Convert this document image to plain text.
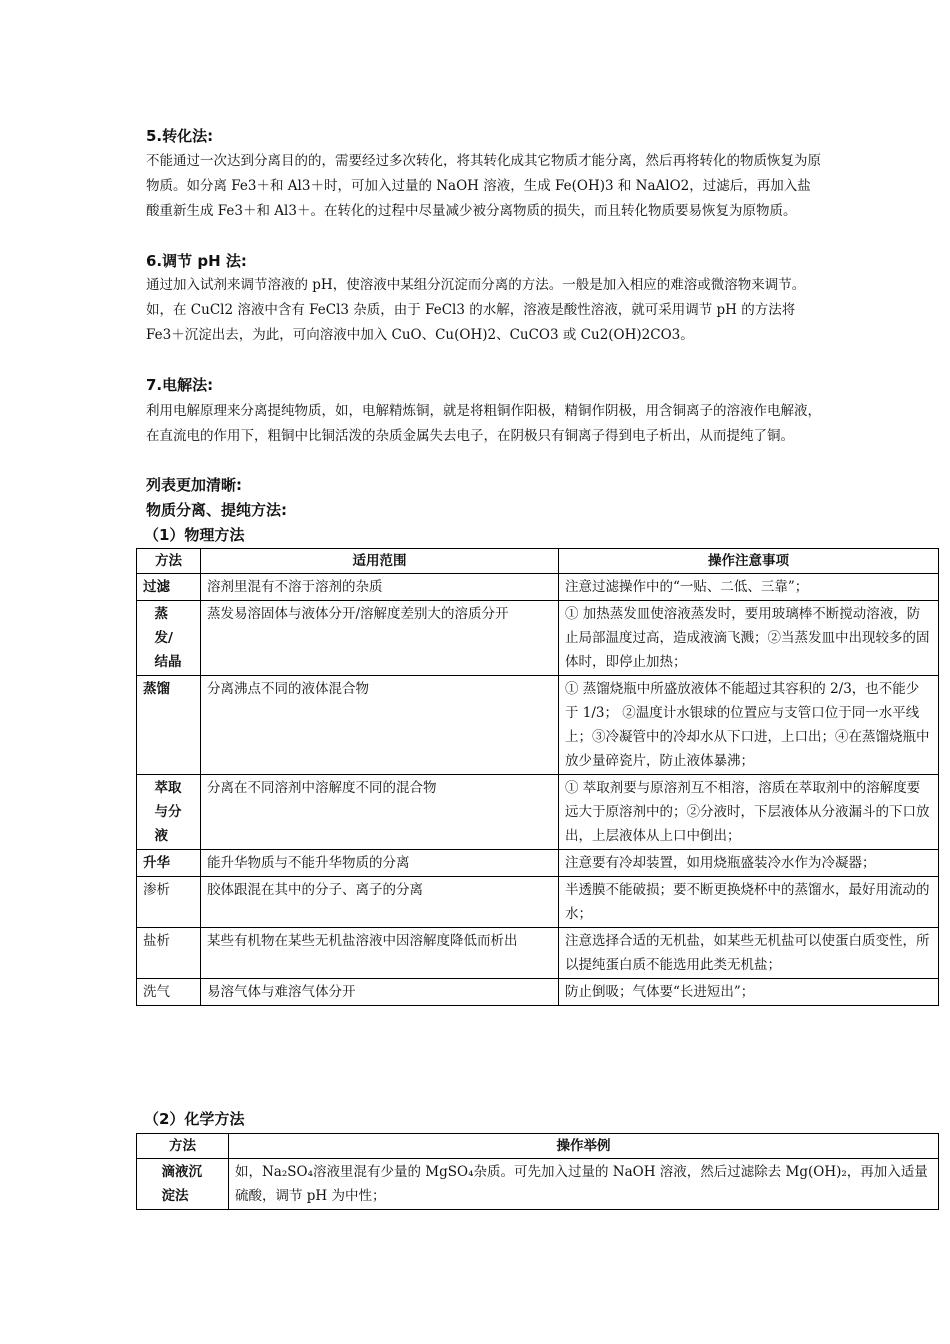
5.转化法:

不能通过一次达到分离目的的，需要经过多次转化，将其转化成其它物质才能分离，然后再将转化的物质恢复为原物质。如分离 Fe3＋和 Al3＋时，可加入过量的 NaOH 溶液，生成 Fe(OH)3 和 NaAlO2，过滤后，再加入盐酸重新生成 Fe3＋和 Al3＋。在转化的过程中尽量减少被分离物质的损失，而且转化物质要易恢复为原物质。

6.调节 pH 法:

通过加入试剂来调节溶液的 pH，使溶液中某组分沉淀而分离的方法。一般是加入相应的难溶或微溶物来调节。如，在 CuCl2 溶液中含有 FeCl3 杂质，由于 FeCl3 的水解，溶液是酸性溶液，就可采用调节 pH 的方法将 Fe3＋沉淀出去，为此，可向溶液中加入 CuO、Cu(OH)2、CuCO3 或 Cu2(OH)2CO3。

7.电解法:

利用电解原理来分离提纯物质，如，电解精炼铜，就是将粗铜作阳极，精铜作阴极，用含铜离子的溶液作电解液，在直流电的作用下，粗铜中比铜活泼的杂质金属失去电子，在阴极只有铜离子得到电子析出，从而提纯了铜。

列表更加清晰:
物质分离、提纯方法:
（1）物理方法
方法	适用范围	操作注意事项
过滤	溶剂里混有不溶于溶剂的杂质	注意过滤操作中的“一贴、二低、三靠”；

蒸发/结晶	蒸发易溶固体与液体分开/溶解度差别大的溶质分开	① 加热蒸发皿使溶液蒸发时，要用玻璃棒不断搅动溶液，防止局部温度过高，造成液滴飞溅；②当蒸发皿中出现较多的固体时，即停止加热；
蒸馏	分离沸点不同的液体混合物	① 蒸馏烧瓶中所盛放液体不能超过其容积的 2/3，也不能少于 1/3； ②温度计水银球的位置应与支管口位于同一水平线上；③冷凝管中的冷却水从下口进，上口出；④在蒸馏烧瓶中放少量碎瓷片，防止液体暴沸；

萃取与分液	分离在不同溶剂中溶解度不同的混合物	① 萃取剂要与原溶剂互不相溶，溶质在萃取剂中的溶解度要远大于原溶剂中的；②分液时，下层液体从分液漏斗的下口放出，上层液体从上口中倒出；
升华	能升华物质与不能升华物质的分离	注意要有冷却装置，如用烧瓶盛装冷水作为冷凝器；
渗析	胶体跟混在其中的分子、离子的分离	半透膜不能破损；要不断更换烧杯中的蒸馏水，最好用流动的水；
盐析	某些有机物在某些无机盐溶液中因溶解度降低而析出	注意选择合适的无机盐，如某些无机盐可以使蛋白质变性，所以提纯蛋白质不能选用此类无机盐；
洗气	易溶气体与难溶气体分开	防止倒吸；气体要“长进短出”；
（2）化学方法
方法	操作举例

滴液沉淀法	如，Na₂SO₄溶液里混有少量的 MgSO₄杂质。可先加入过量的 NaOH 溶液，然后过滤除去 Mg(OH)₂，再加入适量硫酸，调节 pH 为中性；
